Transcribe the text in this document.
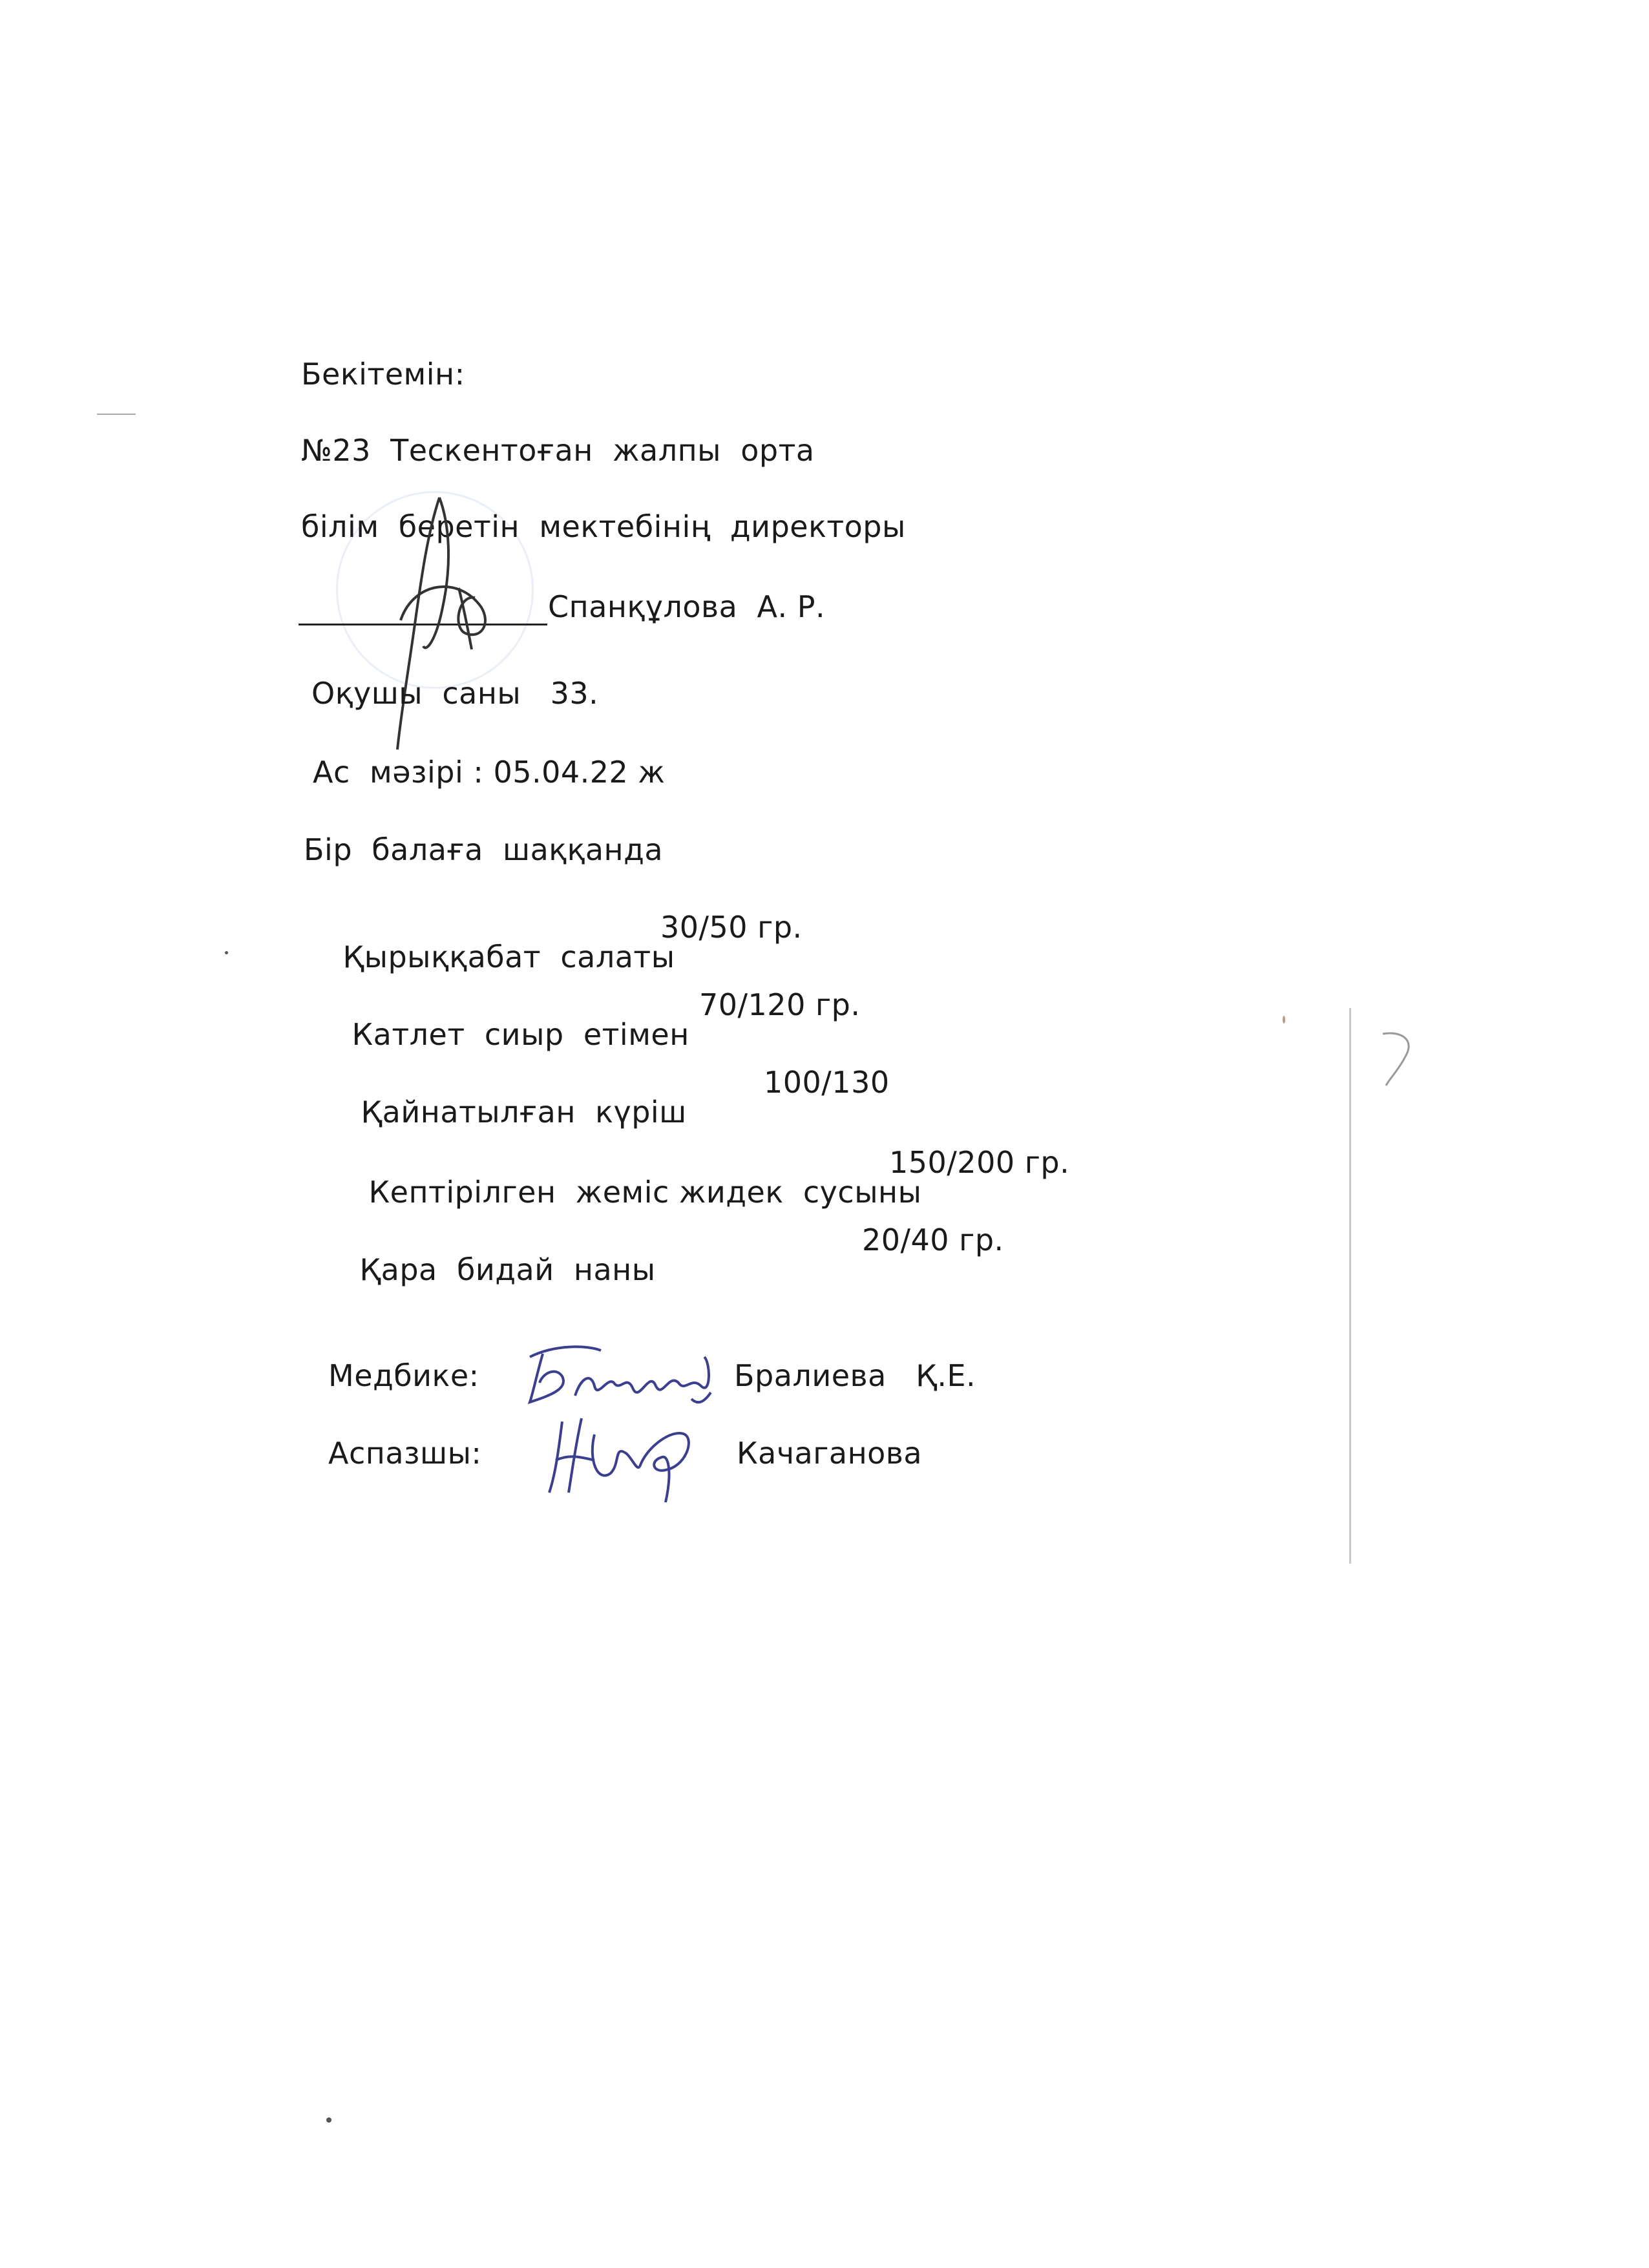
Бекітемін:
№23  Тескентоған  жалпы  орта
білім  беретін  мектебінің  директоры
Спанқұлова  А. Р.
Оқушы  саны   33.
Ас  мәзірі : 05.04.22 ж
Бір  балаға  шаққанда

Қырыққабат  салаты

30/50 гр.

Катлет  сиыр  етімен

70/120 гр.

Қайнатылған  күріш

100/130

Кептірілген  жеміс жидек  сусыны

150/200 гр.

Қара  бидай  наны

20/40 гр.

Медбике:	Бралиева   Қ.Е.
Аспазшы:	Качаганова
